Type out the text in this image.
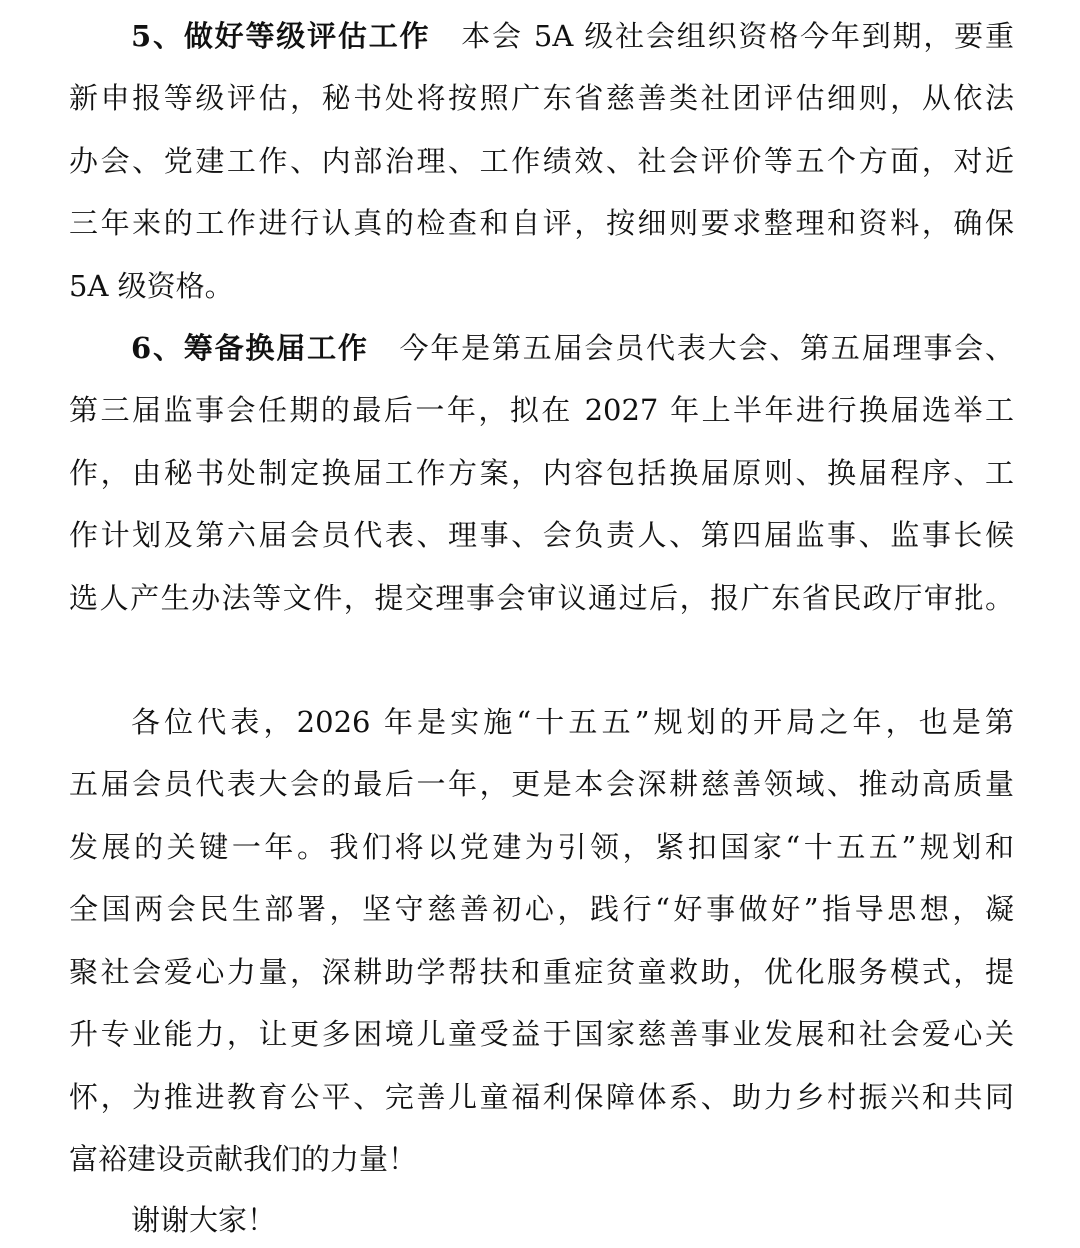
5、做好等级评估工作  本会 5A 级社会组织资格今年到期，要重
新申报等级评估，秘书处将按照广东省慈善类社团评估细则，从依法
办会、党建工作、内部治理、工作绩效、社会评价等五个方面，对近
三年来的工作进行认真的检查和自评，按细则要求整理和资料，确保
5A 级资格。
6、筹备换届工作  今年是第五届会员代表大会、第五届理事会、
第三届监事会任期的最后一年，拟在 2027 年上半年进行换届选举工
作，由秘书处制定换届工作方案，内容包括换届原则、换届程序、工
作计划及第六届会员代表、理事、会负责人、第四届监事、监事长候
选人产生办法等文件，提交理事会审议通过后，报广东省民政厅审批。
各位代表，2026 年是实施“十五五”规划的开局之年，也是第
五届会员代表大会的最后一年，更是本会深耕慈善领域、推动高质量
发展的关键一年。我们将以党建为引领，紧扣国家“十五五”规划和
全国两会民生部署，坚守慈善初心，践行“好事做好”指导思想，凝
聚社会爱心力量，深耕助学帮扶和重症贫童救助，优化服务模式，提
升专业能力，让更多困境儿童受益于国家慈善事业发展和社会爱心关
怀，为推进教育公平、完善儿童福利保障体系、助力乡村振兴和共同
富裕建设贡献我们的力量！
谢谢大家！
